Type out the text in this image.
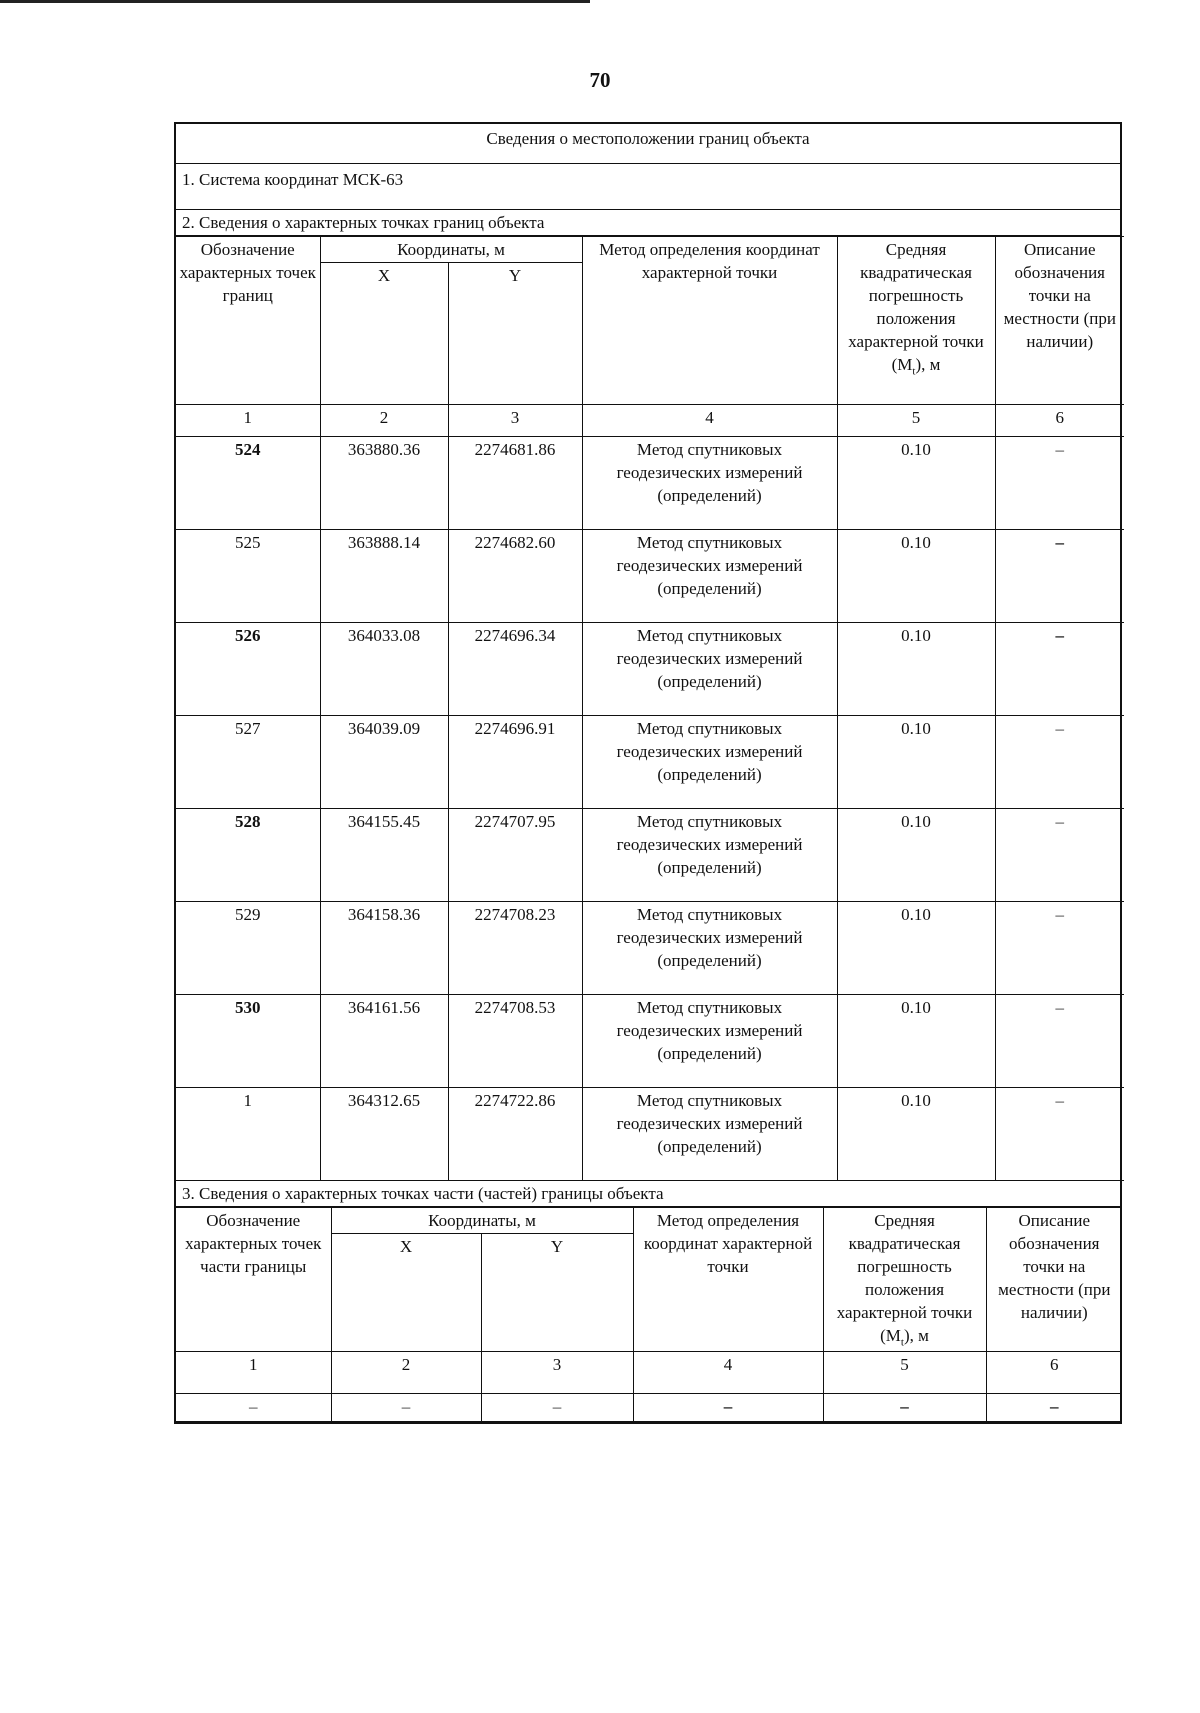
70
Сведения о местоположении границ объекта
1. Система координат МСК-63
2. Сведения о характерных точках границ объекта
Обозначение характерных точек границ	Координаты, м		Метод определения координат характерной точки	Средняя квадратическая погрешность положения характерной точки $(M_t)$, м	Описание обозначения точки на местности (при наличии)
	X	Y			
1	2	3	4	5	6
524	363880.36	2274681.86	Метод спутниковых геодезических измерений (определений)	0.10	–
525	363888.14	2274682.60	Метод спутниковых геодезических измерений (определений)	0.10	–
526	364033.08	2274696.34	Метод спутниковых геодезических измерений (определений)	0.10	–
527	364039.09	2274696.91	Метод спутниковых геодезических измерений (определений)	0.10	–
528	364155.45	2274707.95	Метод спутниковых геодезических измерений (определений)	0.10	–
529	364158.36	2274708.23	Метод спутниковых геодезических измерений (определений)	0.10	–
530	364161.56	2274708.53	Метод спутниковых геодезических измерений (определений)	0.10	–
1	364312.65	2274722.86	Метод спутниковых геодезических измерений (определений)	0.10	–
3. Сведения о характерных точках части (частей) границы объекта
Обозначение характерных точек части границы	Координаты, м		Метод определения координат характерной точки	Средняя квадратическая погрешность положения характерной точки $(M_t)$, м	Описание обозначения точки на местности (при наличии)
	X	Y			
1	2	3	4	5	6
–	–	–	–	–	–
